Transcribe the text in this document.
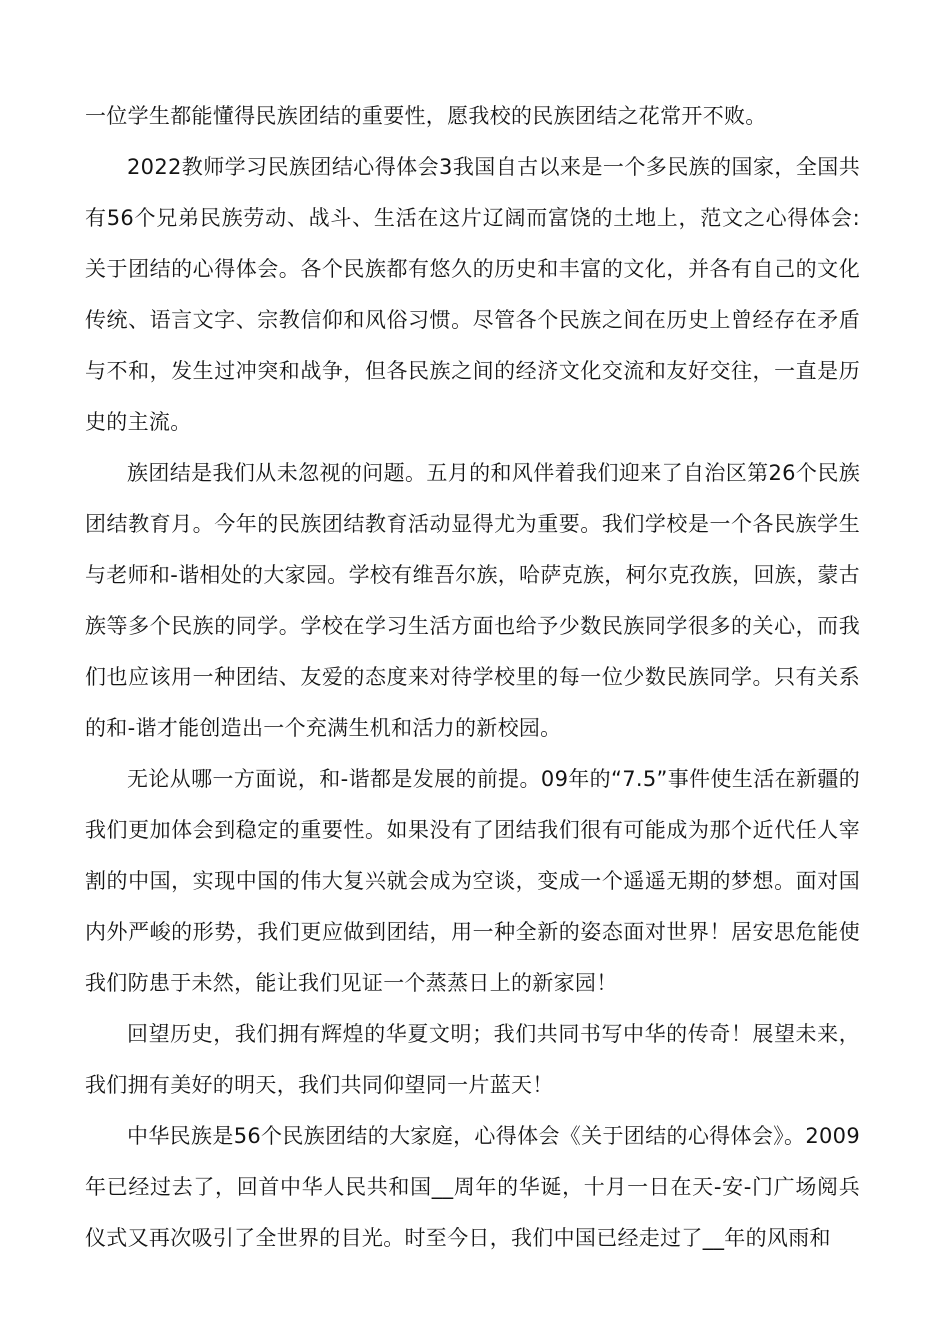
一位学生都能懂得民族团结的重要性，愿我校的民族团结之花常开不败。

2022教师学习民族团结心得体会3我国自古以来是一个多民族的国家，全国共有56个兄弟民族劳动、战斗、生活在这片辽阔而富饶的土地上，范文之心得体会:关于团结的心得体会。各个民族都有悠久的历史和丰富的文化，并各有自己的文化传统、语言文字、宗教信仰和风俗习惯。尽管各个民族之间在历史上曾经存在矛盾与不和，发生过冲突和战争，但各民族之间的经济文化交流和友好交往，一直是历史的主流。

族团结是我们从未忽视的问题。五月的和风伴着我们迎来了自治区第26个民族团结教育月。今年的民族团结教育活动显得尤为重要。我们学校是一个各民族学生与老师和-谐相处的大家园。学校有维吾尔族，哈萨克族，柯尔克孜族，回族，蒙古族等多个民族的同学。学校在学习生活方面也给予少数民族同学很多的关心，而我们也应该用一种团结、友爱的态度来对待学校里的每一位少数民族同学。只有关系的和-谐才能创造出一个充满生机和活力的新校园。

无论从哪一方面说，和-谐都是发展的前提。09年的“7.5”事件使生活在新疆的我们更加体会到稳定的重要性。如果没有了团结我们很有可能成为那个近代任人宰割的中国，实现中国的伟大复兴就会成为空谈，变成一个遥遥无期的梦想。面对国内外严峻的形势，我们更应做到团结，用一种全新的姿态面对世界！居安思危能使我们防患于未然，能让我们见证一个蒸蒸日上的新家园！

回望历史，我们拥有辉煌的华夏文明；我们共同书写中华的传奇！展望未来，我们拥有美好的明天，我们共同仰望同一片蓝天！

中华民族是56个民族团结的大家庭，心得体会《关于团结的心得体会》。2009年已经过去了，回首中华人民共和国__周年的华诞，十月一日在天-安-门广场阅兵仪式又再次吸引了全世界的目光。时至今日，我们中国已经走过了__年的风雨和
